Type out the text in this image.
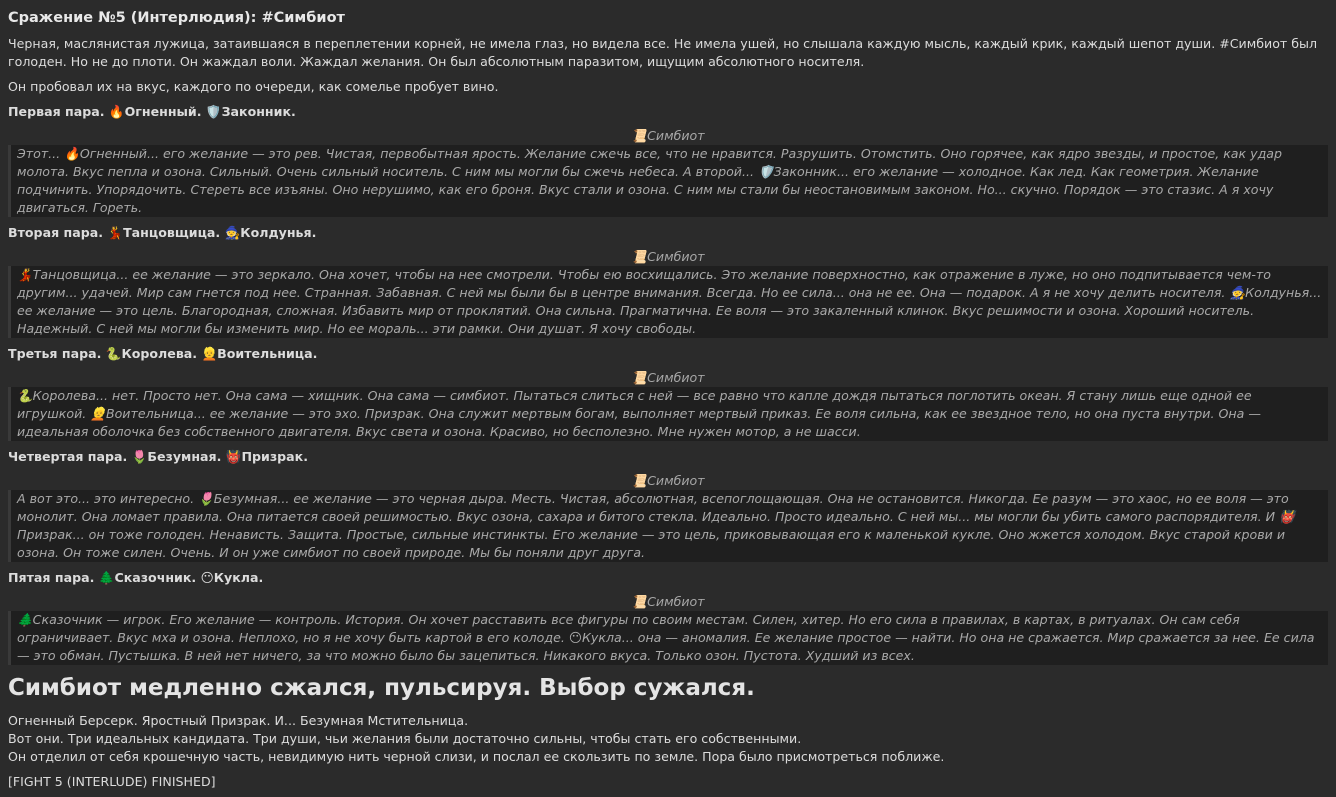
Сражение №5 (Интерлюдия): #Симбиот

Черная, маслянистая лужица, затаившаяся в переплетении корней, не имела глаз, но видела все. Не имела ушей, но слышала каждую мысль, каждый крик, каждый шепот души. #Симбиот был голоден. Но не до плоти. Он жаждал воли. Жаждал желания. Он был абсолютным паразитом, ищущим абсолютного носителя.

Он пробовал их на вкус, каждого по очереди, как сомелье пробует вино.

Первая пара. 🔥Огненный. 🛡️Законник.
📜Симбиот
Этот... 🔥Огненный... его желание — это рев. Чистая, первобытная ярость. Желание сжечь все, что не нравится. Разрушить. Отомстить. Оно горячее, как ядро звезды, и простое, как удар молота. Вкус пепла и озона. Сильный. Очень сильный носитель. С ним мы могли бы сжечь небеса. А второй... 🛡️Законник... его желание — холодное. Как лед. Как геометрия. Желание подчинить. Упорядочить. Стереть все изъяны. Оно нерушимо, как его броня. Вкус стали и озона. С ним мы стали бы неостановимым законом. Но... скучно. Порядок — это стазис. А я хочу двигаться. Гореть.
Вторая пара. 💃Танцовщица. 🧙Колдунья.
📜Симбиот
💃Танцовщица... ее желание — это зеркало. Она хочет, чтобы на нее смотрели. Чтобы ею восхищались. Это желание поверхностно, как отражение в луже, но оно подпитывается чем-то другим... удачей. Мир сам гнется под нее. Странная. Забавная. С ней мы были бы в центре внимания. Всегда. Но ее сила... она не ее. Она — подарок. А я не хочу делить носителя. 🧙Колдунья... ее желание — это цель. Благородная, сложная. Избавить мир от проклятий. Она сильна. Прагматична. Ее воля — это закаленный клинок. Вкус решимости и озона. Хороший носитель. Надежный. С ней мы могли бы изменить мир. Но ее мораль... эти рамки. Они душат. Я хочу свободы.
Третья пара. 🐍Королева. 👱Воительница.
📜Симбиот
🐍Королева... нет. Просто нет. Она сама — хищник. Она сама — симбиот. Пытаться слиться с ней — все равно что капле дождя пытаться поглотить океан. Я стану лишь еще одной ее игрушкой. 👱Воительница... ее желание — это эхо. Призрак. Она служит мертвым богам, выполняет мертвый приказ. Ее воля сильна, как ее звездное тело, но она пуста внутри. Она — идеальная оболочка без собственного двигателя. Вкус света и озона. Красиво, но бесполезно. Мне нужен мотор, а не шасси.
Четвертая пара. 🌷Безумная. 👹Призрак.
📜Симбиот
А вот это... это интересно. 🌷Безумная... ее желание — это черная дыра. Месть. Чистая, абсолютная, всепоглощающая. Она не остановится. Никогда. Ее разум — это хаос, но ее воля — это монолит. Она ломает правила. Она питается своей решимостью. Вкус озона, сахара и битого стекла. Идеально. Просто идеально. С ней мы... мы могли бы убить самого распорядителя. И 👹Призрак... он тоже голоден. Ненависть. Защита. Простые, сильные инстинкты. Его желание — это цель, приковывающая его к маленькой кукле. Оно жжется холодом. Вкус старой крови и озона. Он тоже силен. Очень. И он уже симбиот по своей природе. Мы бы поняли друг друга.
Пятая пара. 🌲Сказочник. 😶Кукла.
📜Симбиот
🌲Сказочник — игрок. Его желание — контроль. История. Он хочет расставить все фигуры по своим местам. Силен, хитер. Но его сила в правилах, в картах, в ритуалах. Он сам себя ограничивает. Вкус мха и озона. Неплохо, но я не хочу быть картой в его колоде. 😶Кукла... она — аномалия. Ее желание простое — найти. Но она не сражается. Мир сражается за нее. Ее сила — это обман. Пустышка. В ней нет ничего, за что можно было бы зацепиться. Никакого вкуса. Только озон. Пустота. Худший из всех.
Симбиот медленно сжался, пульсируя. Выбор сужался.

Огненный Берсерк. Яростный Призрак. И... Безумная Мстительница.

Вот они. Три идеальных кандидата. Три души, чьи желания были достаточно сильны, чтобы стать его собственными.

Он отделил от себя крошечную часть, невидимую нить черной слизи, и послал ее скользить по земле. Пора было присмотреться поближе.

[FIGHT 5 (INTERLUDE) FINISHED]
